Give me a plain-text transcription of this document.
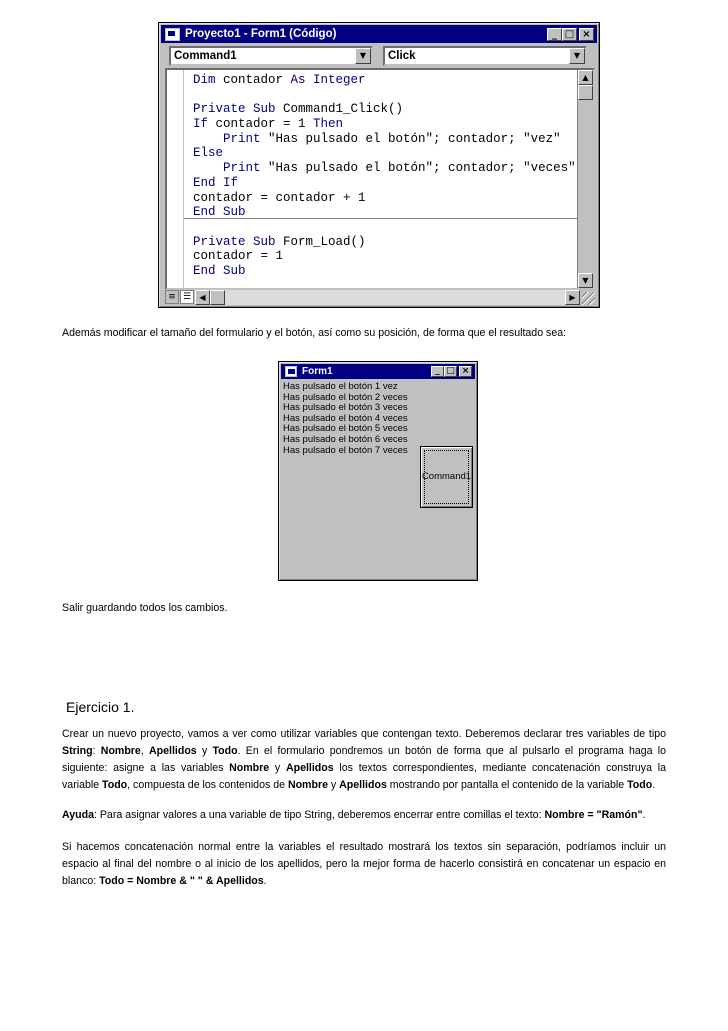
Proyecto1 - Form1 (Código)	_ □ ×
Command1	▼	Click	▼
Dim contador As Integer
Private Sub Command1_Click()
If contador = 1 Then
Print "Has pulsado el botón"; contador; "vez"
Else
Print "Has pulsado el botón"; contador; "veces"
End If
contador = contador + 1
End Sub
Private Sub Form_Load()
contador = 1
End Sub
▲
▼
≡ ☰	◀	▶
Además modificar el tamaño del formulario y el botón, así como su posición, de forma que el resultado sea:
Form1	_ □ ×
Has pulsado el botón 1 vez
Has pulsado el botón 2 veces
Has pulsado el botón 3 veces
Has pulsado el botón 4 veces
Has pulsado el botón 5 veces
Has pulsado el botón 6 veces
Has pulsado el botón 7 veces
Command1
Salir guardando todos los cambios.
Ejercicio 1.
Crear un nuevo proyecto, vamos a ver como utilizar variables que contengan texto. Deberemos declarar tres variables de tipo String: Nombre, Apellidos y Todo. En el formulario pondremos un botón de forma que al pulsarlo el programa haga lo siguiente: asigne a las variables Nombre y Apellidos los textos correspondientes, mediante concatenación construya la variable Todo, compuesta de los contenidos de Nombre y Apellidos mostrando por pantalla el contenido de la variable Todo.
Ayuda: Para asignar valores a una variable de tipo String, deberemos encerrar entre comillas el texto: Nombre = "Ramón".
Si hacemos concatenación normal entre la variables el resultado mostrará los textos sin separación, podríamos incluir un espacio al final del nombre o al inicio de los apellidos, pero la mejor forma de hacerlo consistirá en concatenar un espacio en blanco: Todo = Nombre & " " & Apellidos.
